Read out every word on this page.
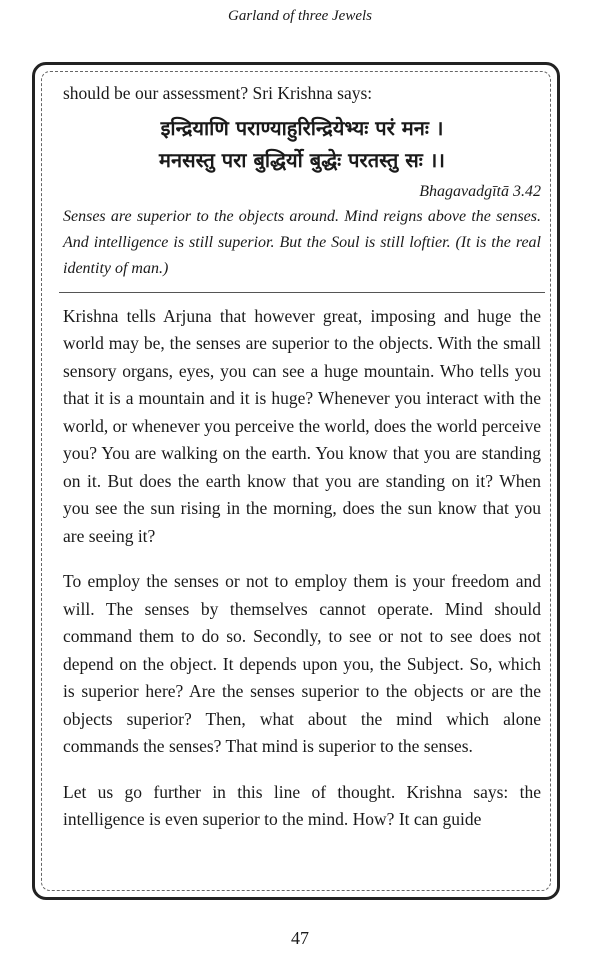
Garland of three Jewels

should be our assessment? Sri Krishna says:

इन्द्रियाणि पराण्याहुरिन्द्रियेभ्यः परं मनः ।
मनसस्तु परा बुद्धिर्यो बुद्धेः परतस्तु सः ।।
Bhagavadgītā 3.42

Senses are superior to the objects around. Mind reigns above the senses. And intelligence is still superior. But the Soul is still loftier. (It is the real identity of man.)

Krishna tells Arjuna that however great, imposing and huge the world may be, the senses are superior to the objects. With the small sensory organs, eyes, you can see a huge mountain. Who tells you that it is a mountain and it is huge? Whenever you interact with the world, or whenever you perceive the world, does the world perceive you? You are walking on the earth. You know that you are standing on it. But does the earth know that you are standing on it? When you see the sun rising in the morning, does the sun know that you are seeing it?

To employ the senses or not to employ them is your freedom and will. The senses by themselves cannot operate. Mind should command them to do so. Secondly, to see or not to see does not depend on the object. It depends upon you, the Subject. So, which is superior here? Are the senses superior to the objects or are the objects superior? Then, what about the mind which alone commands the senses? That mind is superior to the senses.

Let us go further in this line of thought. Krishna says: the intelligence is even superior to the mind. How? It can guide

47
